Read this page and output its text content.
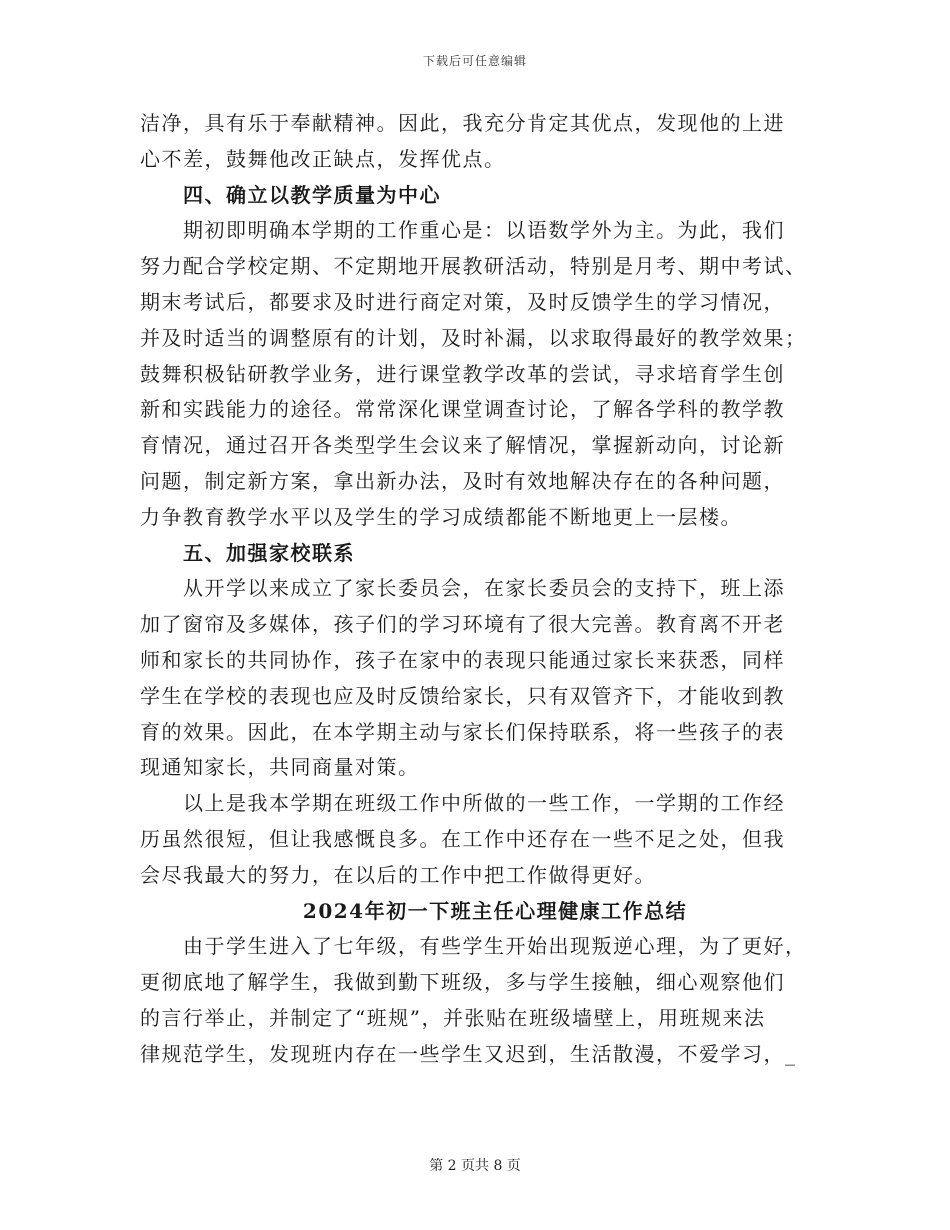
下载后可任意编辑
洁净，具有乐于奉献精神。因此，我充分肯定其优点，发现他的上进
心不差，鼓舞他改正缺点，发挥优点。
四、确立以教学质量为中心
期初即明确本学期的工作重心是：以语数学外为主。为此，我们
努力配合学校定期、不定期地开展教研活动，特别是月考、期中考试、
期末考试后，都要求及时进行商定对策，及时反馈学生的学习情况，
并及时适当的调整原有的计划，及时补漏，以求取得最好的教学效果；
鼓舞积极钻研教学业务，进行课堂教学改革的尝试，寻求培育学生创
新和实践能力的途径。常常深化课堂调查讨论，了解各学科的教学教
育情况，通过召开各类型学生会议来了解情况，掌握新动向，讨论新
问题，制定新方案，拿出新办法，及时有效地解决存在的各种问题，
力争教育教学水平以及学生的学习成绩都能不断地更上一层楼。
五、加强家校联系
从开学以来成立了家长委员会，在家长委员会的支持下，班上添
加了窗帘及多媒体，孩子们的学习环境有了很大完善。教育离不开老
师和家长的共同协作，孩子在家中的表现只能通过家长来获悉，同样
学生在学校的表现也应及时反馈给家长，只有双管齐下，才能收到教
育的效果。因此，在本学期主动与家长们保持联系，将一些孩子的表
现通知家长，共同商量对策。
以上是我本学期在班级工作中所做的一些工作，一学期的工作经
历虽然很短，但让我感慨良多。在工作中还存在一些不足之处，但我
会尽我最大的努力，在以后的工作中把工作做得更好。
2024年初一下班主任心理健康工作总结
由于学生进入了七年级，有些学生开始出现叛逆心理，为了更好，
更彻底地了解学生，我做到勤下班级，多与学生接触，细心观察他们
的言行举止，并制定了“班规”，并张贴在班级墙壁上，用班规来法
律规范学生，发现班内存在一些学生又迟到，生活散漫，不爱学习，_
第 2 页共 8 页
